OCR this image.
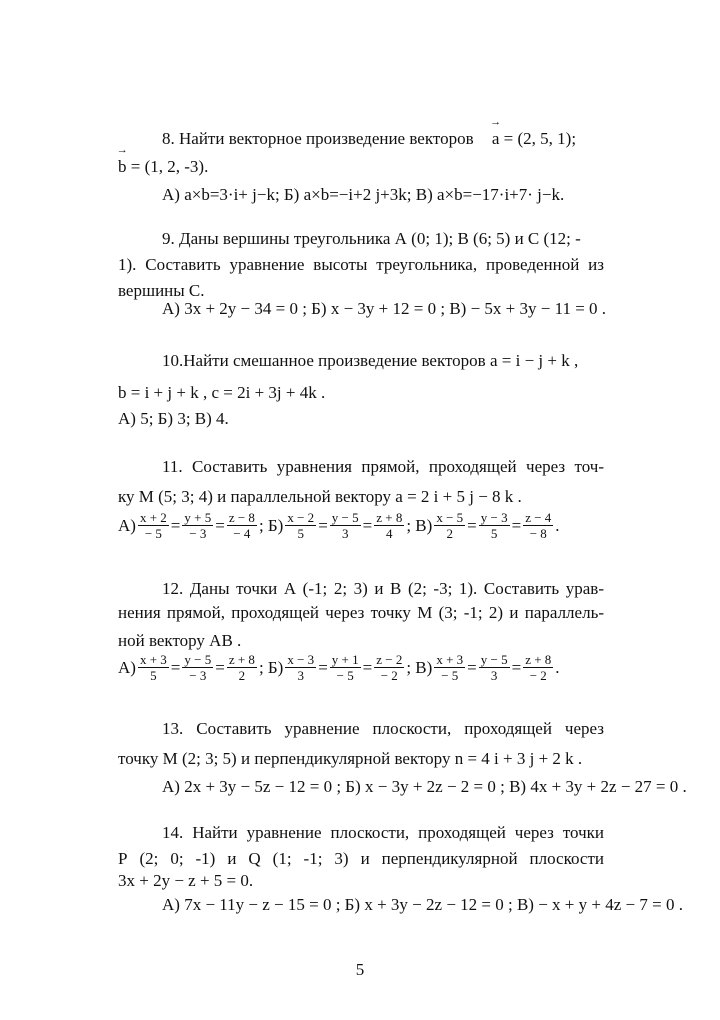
8. Найти векторное произведение векторов → a = (2, 5, 1);
→ b = (1, 2, -3).
А) a×b=3·i+ j−k; Б) a×b=−i+2 j+3k; В) a×b=−17·i+7· j−k.
9. Даны вершины треугольника А (0; 1); В (6; 5) и С (12; -
1). Составить уравнение высоты треугольника, проведенной из
вершины С.
А) 3x + 2y − 34 = 0 ; Б) x − 3y + 12 = 0 ; В) − 5x + 3y − 11 = 0 .
10.Найти смешанное произведение векторов a = i − j + k ,
b = i + j + k , c = 2i + 3j + 4k .
А) 5; Б) 3; В) 4.
11. Составить уравнения прямой, проходящей через точ-
ку М (5; 3; 4) и параллельной вектору a = 2 i + 5 j − 8 k .
$А) \frac{x + 2}{- 5} = \frac{y + 5}{- 3} = \frac{z - 8}{- 4}$ ; $Б) \frac{x - 2}{5} = \frac{y - 5}{3} = \frac{z + 8}{4}$ ; $В) \frac{x - 5}{2} = \frac{y - 3}{5} = \frac{z - 4}{- 8}$ .
12. Даны точки А (-1; 2; 3) и В (2; -3; 1). Составить урав-
нения прямой, проходящей через точку М (3; -1; 2) и параллель-
ной вектору AB .
$А) \frac{x + 3}{5} = \frac{y - 5}{- 3} = \frac{z + 8}{2}$ ; $Б) \frac{x - 3}{3} = \frac{y + 1}{- 5} = \frac{z - 2}{- 2}$ ; $В) \frac{x + 3}{- 5} = \frac{y - 5}{3} = \frac{z + 8}{- 2}$ .
13. Составить уравнение плоскости, проходящей через
точку М (2; 3; 5) и перпендикулярной вектору n = 4 i + 3 j + 2 k .
А) 2x + 3y − 5z − 12 = 0 ; Б) x − 3y + 2z − 2 = 0 ; В) 4x + 3y + 2z − 27 = 0 .
14. Найти уравнение плоскости, проходящей через точки
Р (2; 0; -1) и Q (1; -1; 3) и перпендикулярной плоскости
3x + 2y − z + 5 = 0.
А) 7x − 11y − z − 15 = 0 ; Б) x + 3y − 2z − 12 = 0 ; В) − x + y + 4z − 7 = 0 .
5
